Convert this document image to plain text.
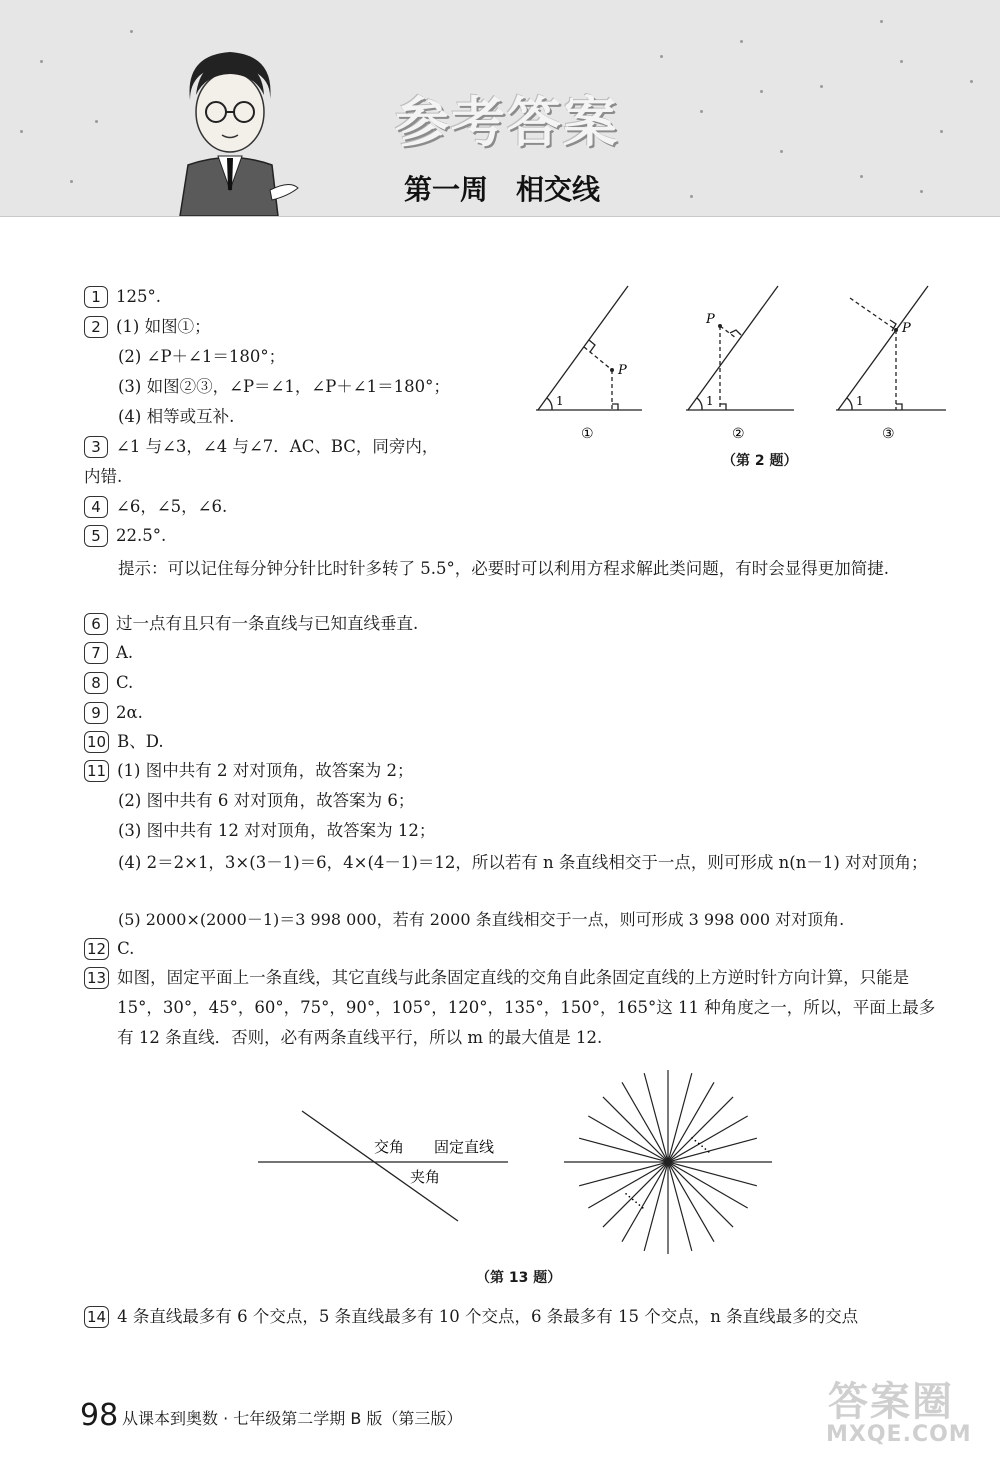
参考答案
第一周　相交线
1 125°.
2 (1) 如图①；
(2) ∠P＋∠1＝180°；
(3) 如图②③，∠P＝∠1，∠P＋∠1＝180°；
(4) 相等或互补.
3 ∠1 与∠3，∠4 与∠7．AC、BC，同旁内，
内错.
4 ∠6，∠5，∠6.
5 22.5°.
提示：可以记住每分钟分针比时针多转了 5.5°，必要时可以利用方程求解此类问题，有时会显得更加简捷.
6 过一点有且只有一条直线与已知直线垂直.
7 A.
8 C.
9 2α.
10 B、D.
11 (1) 图中共有 2 对对顶角，故答案为 2；
(2) 图中共有 6 对对顶角，故答案为 6；
(3) 图中共有 12 对对顶角，故答案为 12；
(4) 2＝2×1，3×(3－1)＝6，4×(4－1)＝12，所以若有 n 条直线相交于一点，则可形成 n(n－1) 对对顶角；
(5) 2000×(2000－1)＝3 998 000，若有 2000 条直线相交于一点，则可形成 3 998 000 对对顶角.
12 C.
13 如图，固定平面上一条直线，其它直线与此条固定直线的交角自此条固定直线的上方逆时针方向计算，只能是 15°，30°，45°，60°，75°，90°，105°，120°，135°，150°，165°这 11 种角度之一，所以，平面上最多有 12 条直线．否则，必有两条直线平行，所以 m 的最大值是 12.
14 4 条直线最多有 6 个交点，5 条直线最多有 10 个交点，6 条最多有 15 个交点，n 条直线最多的交点
P
1
①
P
1
②
P
1
③
（第 2 题）
交角 固定直线
夹角
……
……
（第 13 题）
98 从课本到奥数 · 七年级第二学期 B 版（第三版）	答案圈
MXQE.COM
